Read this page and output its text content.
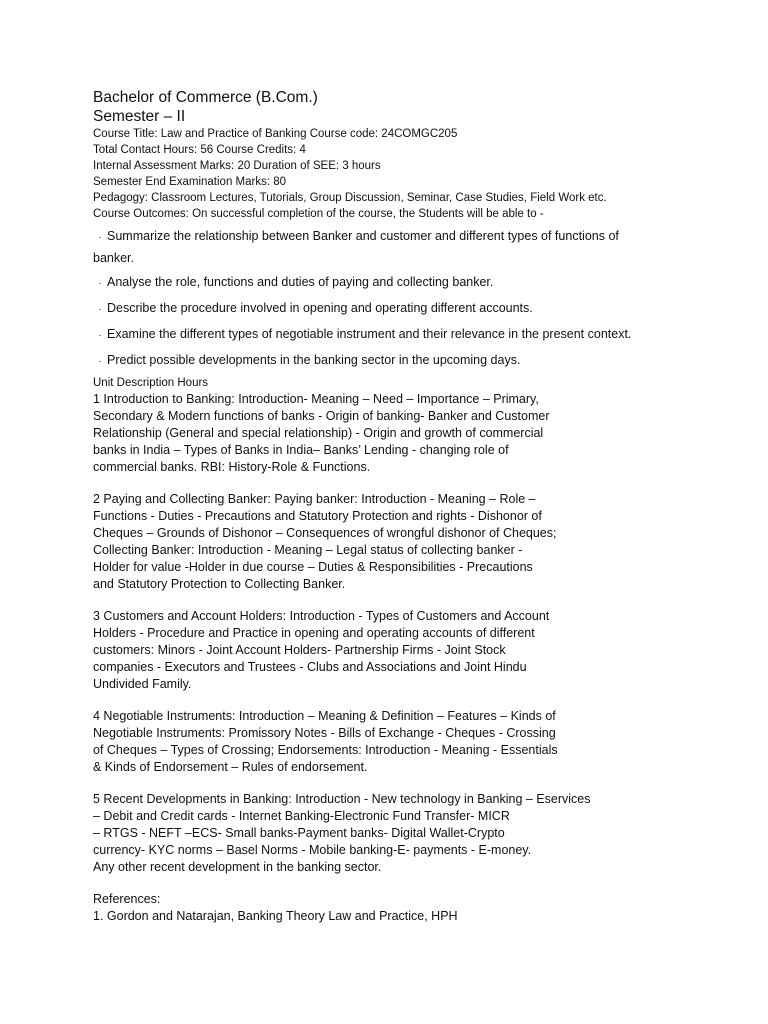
Bachelor of Commerce (B.Com.)

Semester – II

Course Title: Law and Practice of Banking Course code: 24COMGC205

Total Contact Hours: 56 Course Credits: 4

Internal Assessment Marks: 20 Duration of SEE: 3 hours

Semester End Examination Marks: 80

Pedagogy: Classroom Lectures, Tutorials, Group Discussion, Seminar, Case Studies, Field Work etc.

Course Outcomes: On successful completion of the course, the Students will be able to -

· Summarize the relationship between Banker and customer and different types of functions of banker.
· Analyse the role, functions and duties of paying and collecting banker.
· Describe the procedure involved in opening and operating different accounts.
· Examine the different types of negotiable instrument and their relevance in the present context.
· Predict possible developments in the banking sector in the upcoming days.

Unit Description Hours

1 Introduction to Banking: Introduction- Meaning – Need – Importance – Primary,

Secondary & Modern functions of banks - Origin of banking- Banker and Customer

Relationship (General and special relationship) - Origin and growth of commercial

banks in India – Types of Banks in India– Banks’ Lending - changing role of

commercial banks. RBI: History-Role & Functions.

2 Paying and Collecting Banker: Paying banker: Introduction - Meaning – Role –

Functions - Duties - Precautions and Statutory Protection and rights - Dishonor of

Cheques – Grounds of Dishonor – Consequences of wrongful dishonor of Cheques;

Collecting Banker: Introduction - Meaning – Legal status of collecting banker -

Holder for value -Holder in due course – Duties & Responsibilities - Precautions

and Statutory Protection to Collecting Banker.

3 Customers and Account Holders: Introduction - Types of Customers and Account

Holders - Procedure and Practice in opening and operating accounts of different

customers: Minors - Joint Account Holders- Partnership Firms - Joint Stock

companies - Executors and Trustees - Clubs and Associations and Joint Hindu

Undivided Family.

4 Negotiable Instruments: Introduction – Meaning & Definition – Features – Kinds of

Negotiable Instruments: Promissory Notes - Bills of Exchange - Cheques - Crossing

of Cheques – Types of Crossing; Endorsements: Introduction - Meaning - Essentials

& Kinds of Endorsement – Rules of endorsement.

5 Recent Developments in Banking: Introduction - New technology in Banking – Eservices

– Debit and Credit cards - Internet Banking-Electronic Fund Transfer- MICR

– RTGS - NEFT –ECS- Small banks-Payment banks- Digital Wallet-Crypto

currency- KYC norms – Basel Norms - Mobile banking-E- payments - E-money.

Any other recent development in the banking sector.

References:

1. Gordon and Natarajan, Banking Theory Law and Practice, HPH
